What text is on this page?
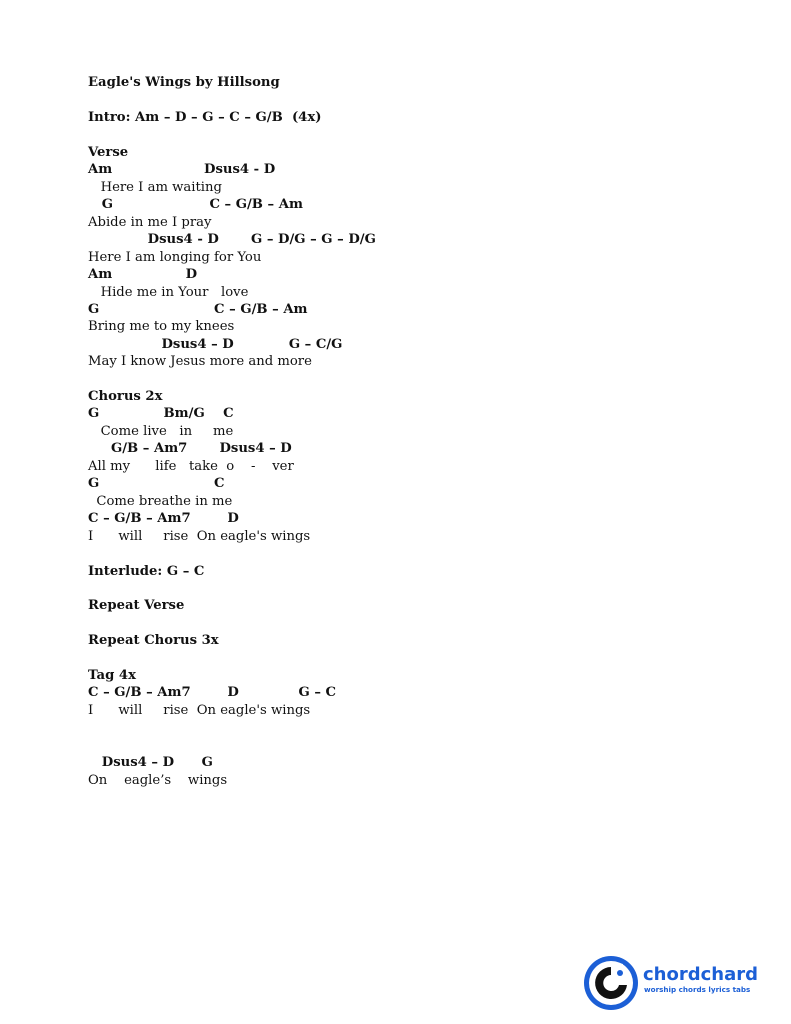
Eagle's Wings by Hillsong
Intro: Am – D – G – C – G/B  (4x)
Verse
Am                    Dsus4 - D
Here I am waiting
G                     C – G/B – Am
Abide in me I pray
Dsus4 - D       G – D/G – G – D/G
Here I am longing for You
Am                D
Hide me in Your   love
G                         C – G/B – Am
Bring me to my knees
Dsus4 – D            G – C/G
May I know Jesus more and more
Chorus 2x
G              Bm/G    C
Come live   in     me
G/B – Am7       Dsus4 – D
All my      life   take  o    -    ver
G                         C
Come breathe in me
C – G/B – Am7        D
I      will     rise  On eagle's wings
Interlude: G – C
Repeat Verse
Repeat Chorus 3x
Tag 4x
C – G/B – Am7        D             G – C
I      will     rise  On eagle's wings
Dsus4 – D      G
On    eagle’s    wings
chordchard
worship chords lyrics tabs
